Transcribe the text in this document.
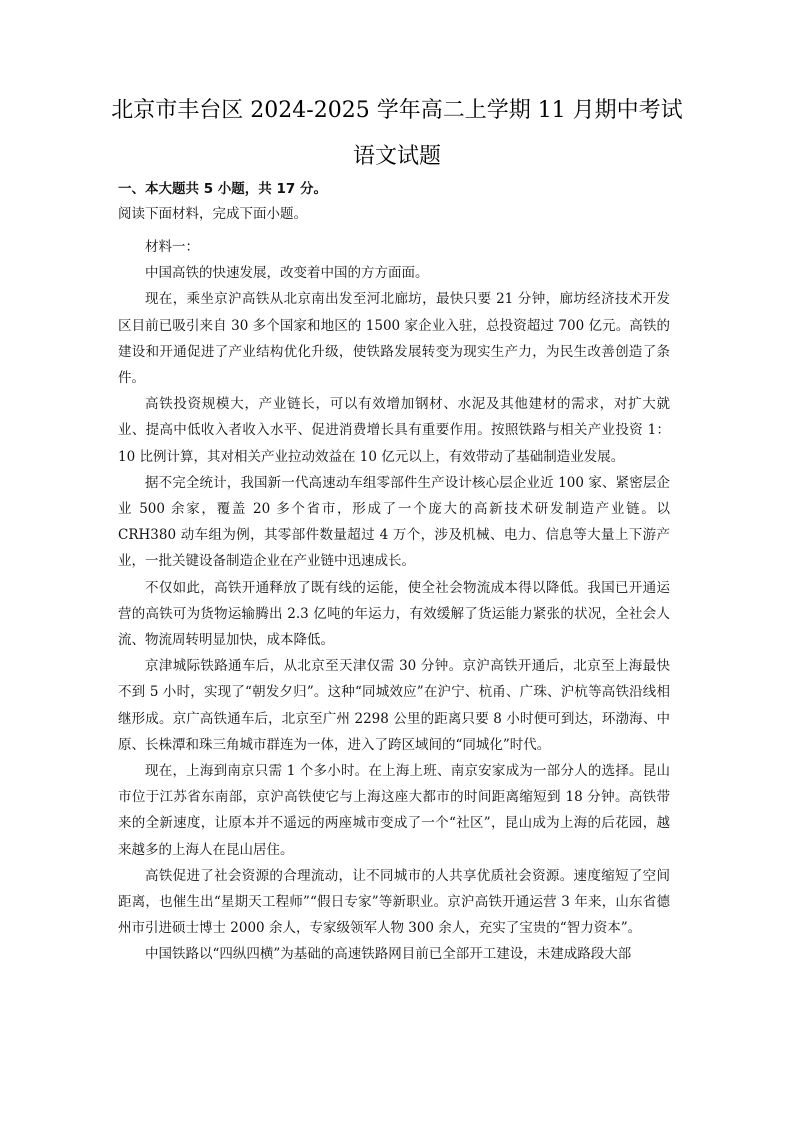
北京市丰台区 2024-2025 学年高二上学期 11 月期中考试
语文试题
一、本大题共 5 小题，共 17 分。
阅读下面材料，完成下面小题。

材料一：

中国高铁的快速发展，改变着中国的方方面面。

现在，乘坐京沪高铁从北京南出发至河北廊坊，最快只要 21 分钟，廊坊经济技术开发区目前已吸引来自 30 多个国家和地区的 1500 家企业入驻，总投资超过 700 亿元。高铁的建设和开通促进了产业结构优化升级，使铁路发展转变为现实生产力，为民生改善创造了条件。

高铁投资规模大，产业链长，可以有效增加钢材、水泥及其他建材的需求，对扩大就业、提高中低收入者收入水平、促进消费增长具有重要作用。按照铁路与相关产业投资 1：10 比例计算，其对相关产业拉动效益在 10 亿元以上，有效带动了基础制造业发展。

据不完全统计，我国新一代高速动车组零部件生产设计核心层企业近 100 家、紧密层企业 500 余家，覆盖 20 多个省市，形成了一个庞大的高新技术研发制造产业链。以 CRH380 动车组为例，其零部件数量超过 4 万个，涉及机械、电力、信息等大量上下游产业，一批关键设备制造企业在产业链中迅速成长。

不仅如此，高铁开通释放了既有线的运能，使全社会物流成本得以降低。我国已开通运营的高铁可为货物运输腾出 2.3 亿吨的年运力，有效缓解了货运能力紧张的状况，全社会人流、物流周转明显加快，成本降低。

京津城际铁路通车后，从北京至天津仅需 30 分钟。京沪高铁开通后，北京至上海最快不到 5 小时，实现了“朝发夕归”。这种“同城效应”在沪宁、杭甬、广珠、沪杭等高铁沿线相继形成。京广高铁通车后，北京至广州 2298 公里的距离只要 8 小时便可到达，环渤海、中原、长株潭和珠三角城市群连为一体，进入了跨区域间的“同城化”时代。

现在，上海到南京只需 1 个多小时。在上海上班、南京安家成为一部分人的选择。昆山市位于江苏省东南部，京沪高铁使它与上海这座大都市的时间距离缩短到 18 分钟。高铁带来的全新速度，让原本并不遥远的两座城市变成了一个“社区”，昆山成为上海的后花园，越来越多的上海人在昆山居住。

高铁促进了社会资源的合理流动，让不同城市的人共享优质社会资源。速度缩短了空间距离，也催生出“星期天工程师”“假日专家”等新职业。京沪高铁开通运营 3 年来，山东省德州市引进硕士博士 2000 余人，专家级领军人物 300 余人，充实了宝贵的“智力资本”。

中国铁路以“四纵四横”为基础的高速铁路网目前已全部开工建设，未建成路段大部
